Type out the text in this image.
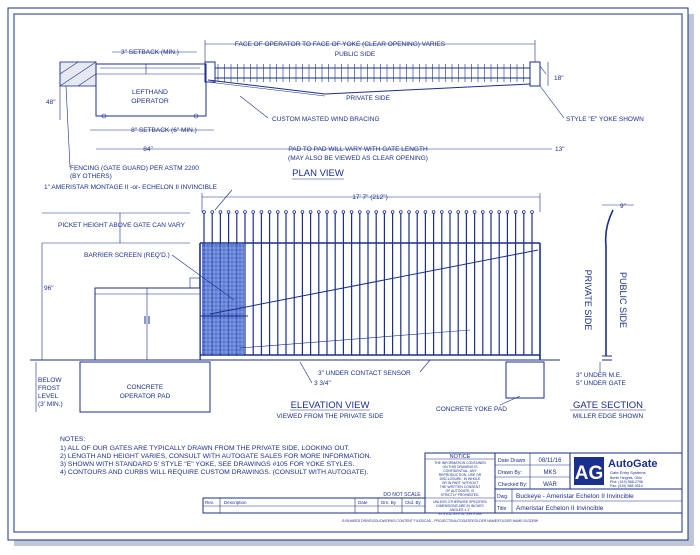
FACE OF OPERATOR TO FACE OF YOKE (CLEAR OPENING) VARIES
3" SETBACK (MIN.)	PUBLIC SIDE
LEFTHAND
OPERATOR	PRIVATE SIDE
48"
18"
8" SETBACK (6" MIN.)
CUSTOM MASTED WIND BRACING	STYLE "E" YOKE SHOWN
84"	PAD TO PAD WILL VARY WITH GATE LENGTH
(MAY ALSO BE VIEWED AS CLEAR OPENING)
13"
FENCING (GATE GUARD) PER ASTM 2200
(BY OTHERS)	PLAN VIEW
1" AMERISTAR MONTAGE II -or- ECHELON II INVINCIBLE
17' 7" (212")
PICKET HEIGHT ABOVE GATE CAN VARY
BARRIER SCREEN (REQ'D.)
96"
CONCRETE
OPERATOR PAD
BELOW
FROST
LEVEL
(3' MIN.)
3" UNDER CONTACT SENSOR
3 3/4"
ELEVATION VIEW
VIEWED FROM THE PRIVATE SIDE
CONCRETE YOKE PAD
9"
PRIVATE SIDE	PUBLIC SIDE
3" UNDER M.E.
5" UNDER GATE
GATE SECTION
MILLER EDGE SHOWN
NOTES:
1) ALL OF OUR GATES ARE TYPICALLY DRAWN FROM THE PRIVATE SIDE, LOOKING OUT.
2) LENGTH AND HEIGHT VARIES, CONSULT WITH AUTOGATE SALES FOR MORE INFORMATION.
3) SHOWN WITH STANDARD 5' STYLE "E" YOKE, SEE DRAWINGS #105 FOR YOKE STYLES.
4) CONTOURS AND CURBS WILL REQUIRE CUSTOM DRAWINGS. (CONSULT WITH AUTOGATE).
NOTICE
THE INFORMATION CONTAINED
ON THIS DRAWING IS
CONFIDENTIAL. ANY
REPRODUCTION, USE OR
DISCLOSURE, IN WHOLE
OR IN PART, WITHOUT
THE WRITTEN CONSENT
OF AUTOGATE, IS
STRICTLY PROHIBITED.
UNLESS OTHERWISE SPECIFIED
DIMENSIONS ARE IN INCHES
ANGLES ± 1°
XX ± 1/32 .XX ± .01 .XXX ± .005
DO NOT SCALE
Date Drawn 08/11/16
Drawn By:	MKS
Checked By:	WAR
AG AutoGate
Gate Entry Systems
Berlin Heights, Ohio
Ph#: (419) 588-2796
Fax: (419) 588-3514
Dwg. Buckeye - Ameristar Echelon II Invincible
Title Ameristar Echelon II Invincible
Rev. Description	Date	Drn. By Ckd. By
S:\SHARED DRIVE\SOLIDWORKS CONTENT FILES\CAD - PROJECTS\AUTOGATE\FOLDER NAME\FOLDER NAME.SLDDRW
